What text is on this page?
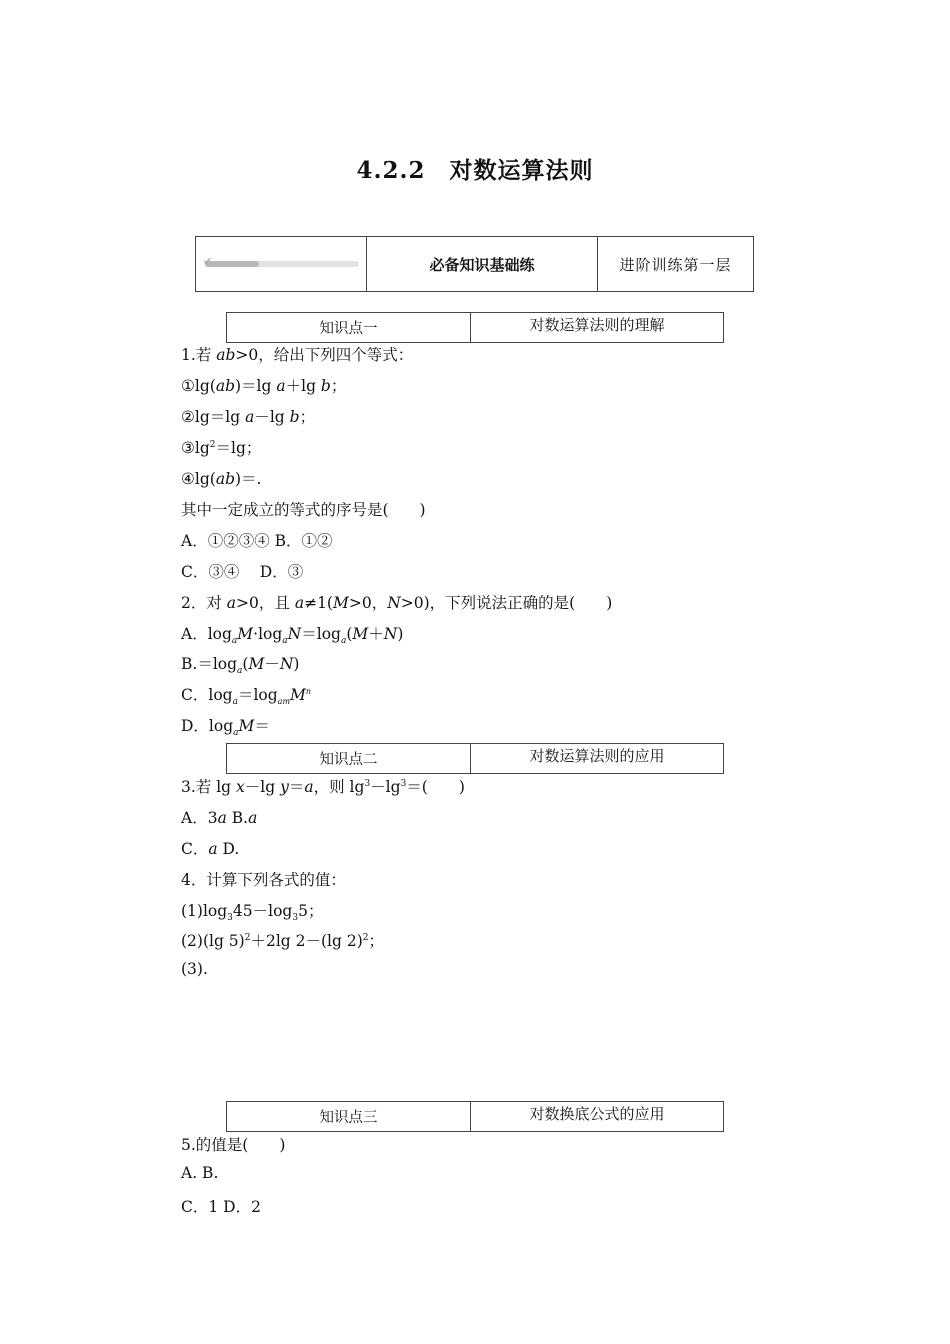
4.2.2　对数运算法则
✔	必备知识基础练	进阶训练第一层
知识点一	对数运算法则的理解
1.若 ab>0，给出下列四个等式：
①lg(ab)＝lg a＋lg b；
②lg＝lg a－lg b；
$③\lg^2=\lg$；
④lg(ab)＝.
其中一定成立的等式的序号是(　　)
A．①②③④ B．①②
C．③④　 D．③
2．对 a>0，且 a≠1(M>0，N>0)，下列说法正确的是(　　)
A．$\log_aM\cdot\log_aN=\log_a(M+N)$
$B.=\log_a(M-N)$
C．$\log_a=\log_{am}M^n$
D．$\log_aM=$
知识点二	对数运算法则的应用
3.若 lg x－lg y＝a，则 $\lg^3-\lg^3=$(　　)
A．3a B.a
C．a D.
4．计算下列各式的值：
$(1)\log_345-\log_35$；
(2)(lg 5)$^2$＋2lg 2－(lg 2)$^2$；
(3).
知识点三	对数换底公式的应用
5.的值是(　　)
A. B.
C．1 D．2
